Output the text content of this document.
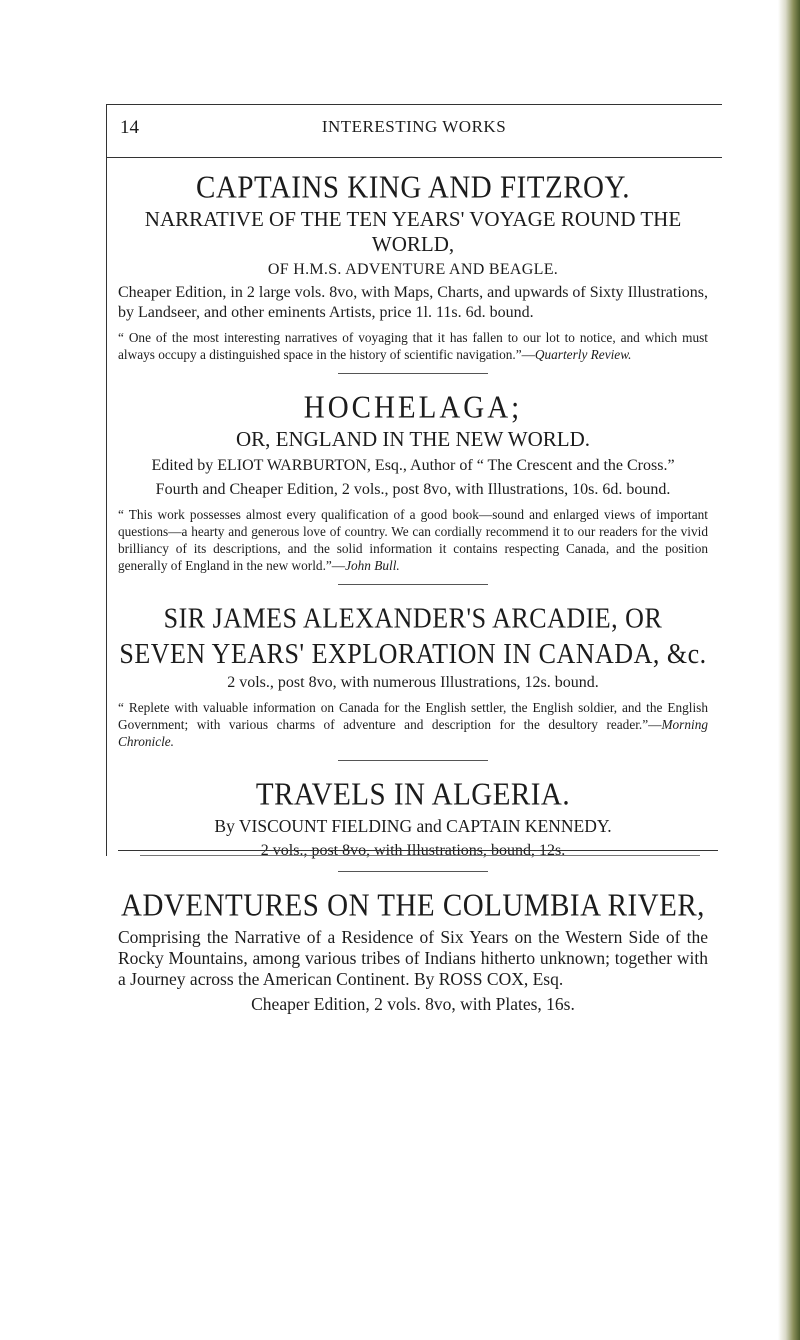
14	INTERESTING WORKS

CAPTAINS KING AND FITZROY.

NARRATIVE OF THE TEN YEARS' VOYAGE ROUND THE WORLD,

OF H.M.S. ADVENTURE AND BEAGLE.

Cheaper Edition, in 2 large vols. 8vo, with Maps, Charts, and upwards of Sixty Illustrations, by Landseer, and other eminents Artists, price 1l. 11s. 6d. bound.

“ One of the most interesting narratives of voyaging that it has fallen to our lot to notice, and which must always occupy a distinguished space in the history of scientific navigation.”—Quarterly Review.

HOCHELAGA;

OR, ENGLAND IN THE NEW WORLD.

Edited by ELIOT WARBURTON, Esq., Author of “ The Crescent and the Cross.”

Fourth and Cheaper Edition, 2 vols., post 8vo, with Illustrations, 10s. 6d. bound.

“ This work possesses almost every qualification of a good book—sound and enlarged views of important questions—a hearty and generous love of country. We can cordially recommend it to our readers for the vivid brilliancy of its descriptions, and the solid information it contains respecting Canada, and the position generally of England in the new world.”—John Bull.

SIR JAMES ALEXANDER'S ARCADIE, OR SEVEN YEARS' EXPLORATION IN CANADA, &c.

2 vols., post 8vo, with numerous Illustrations, 12s. bound.

“ Replete with valuable information on Canada for the English settler, the English soldier, and the English Government; with various charms of adventure and description for the desultory reader.”—Morning Chronicle.

TRAVELS IN ALGERIA.

By VISCOUNT FIELDING and CAPTAIN KENNEDY.

2 vols., post 8vo, with Illustrations, bound, 12s.

ADVENTURES ON THE COLUMBIA RIVER,

Comprising the Narrative of a Residence of Six Years on the Western Side of the Rocky Mountains, among various tribes of Indians hitherto unknown; together with a Journey across the American Continent. By ROSS COX, Esq.

Cheaper Edition, 2 vols. 8vo, with Plates, 16s.
